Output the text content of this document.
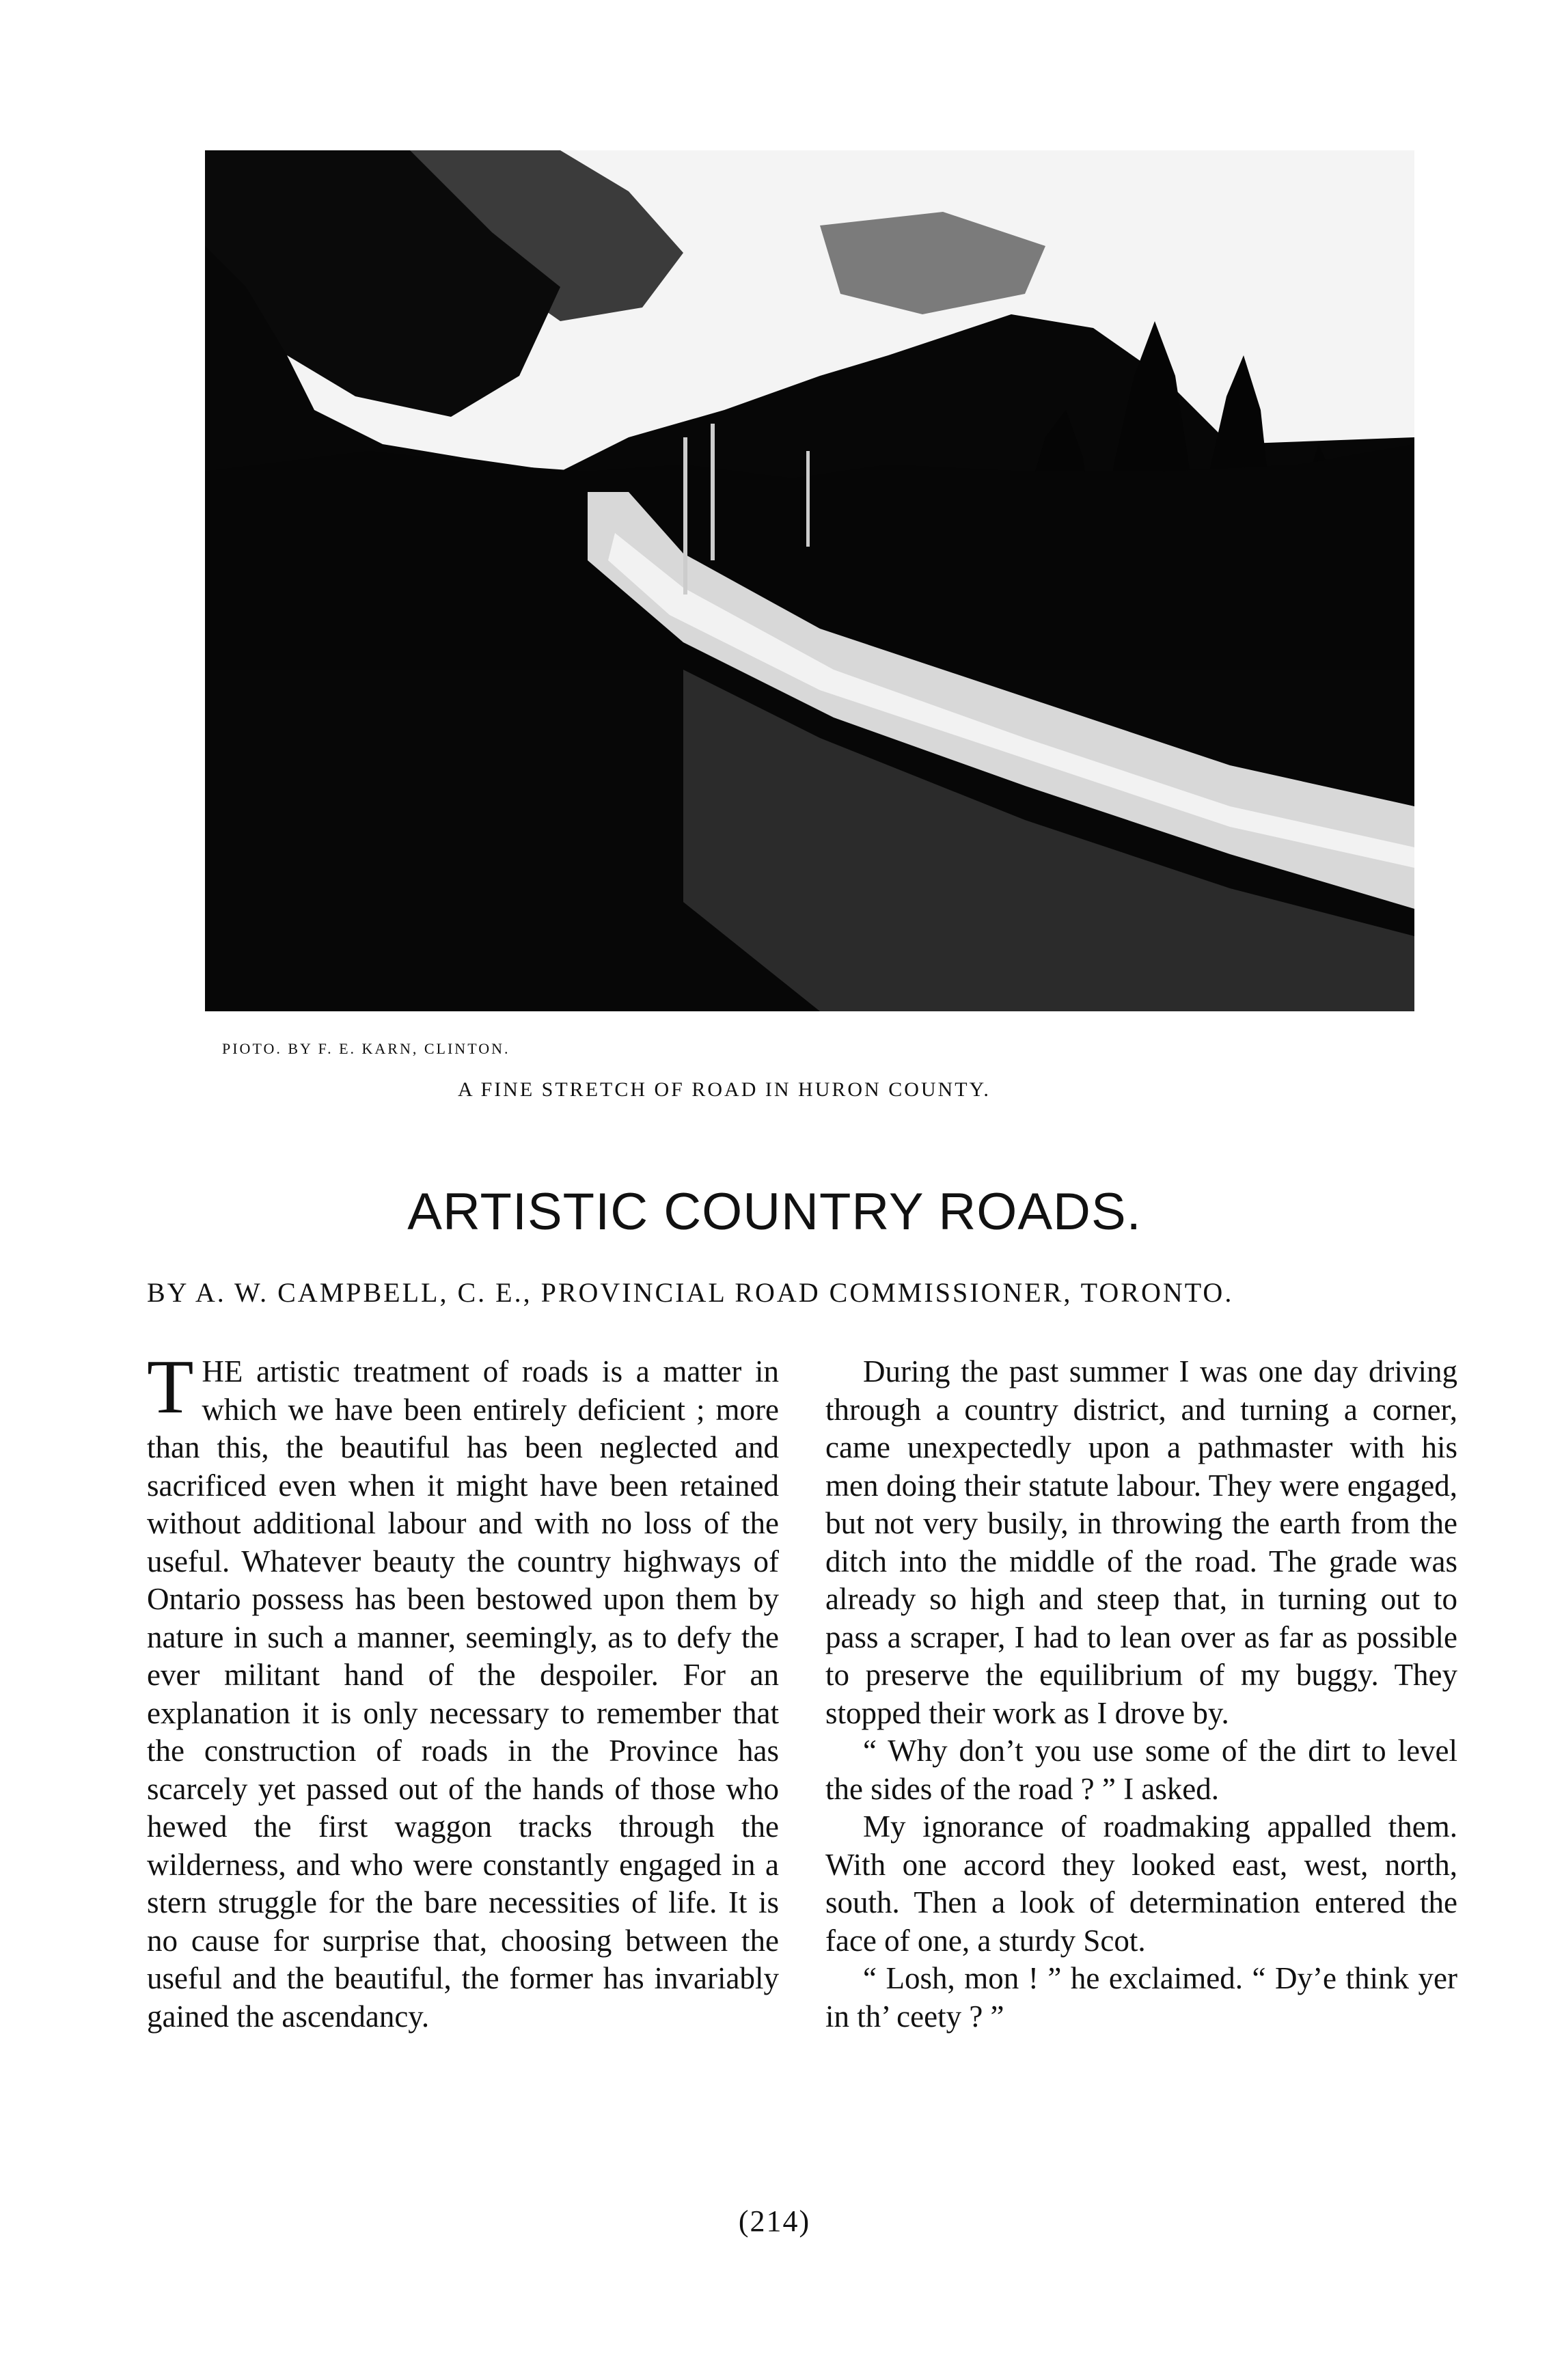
PIOTO. BY F. E. KARN, CLINTON.
A FINE STRETCH OF ROAD IN HURON COUNTY.
ARTISTIC COUNTRY ROADS.
BY A. W. CAMPBELL, C. E., PROVINCIAL ROAD COMMISSIONER, TORONTO.
T HE artistic treatment of roads is a matter in which we have been entirely deficient ; more than this, the beautiful has been neglected and sacrificed even when it might have been retained without additional labour and with no loss of the useful. Whatever beauty the country highways of Ontario possess has been bestowed upon them by nature in such a manner, seemingly, as to defy the ever militant hand of the despoiler. For an explanation it is only necessary to remember that the construction of roads in the Province has scarcely yet passed out of the hands of those who hewed the first waggon tracks through the wilderness, and who were constantly engaged in a stern struggle for the bare necessities of life. It is no cause for surprise that, choosing between the useful and the beautiful, the former has invariably gained the ascendancy.

During the past summer I was one day driving through a country district, and turning a corner, came unexpectedly upon a pathmaster with his men doing their statute labour. They were engaged, but not very busily, in throwing the earth from the ditch into the middle of the road. The grade was already so high and steep that, in turning out to pass a scraper, I had to lean over as far as possible to preserve the equilibrium of my buggy. They stopped their work as I drove by.

“ Why don’t you use some of the dirt to level the sides of the road ? ” I asked.

My ignorance of roadmaking appalled them. With one accord they looked east, west, north, south. Then a look of determination entered the face of one, a sturdy Scot.

“ Losh, mon ! ” he exclaimed. “ Dy’e think yer in th’ ceety ? ”

(214)
